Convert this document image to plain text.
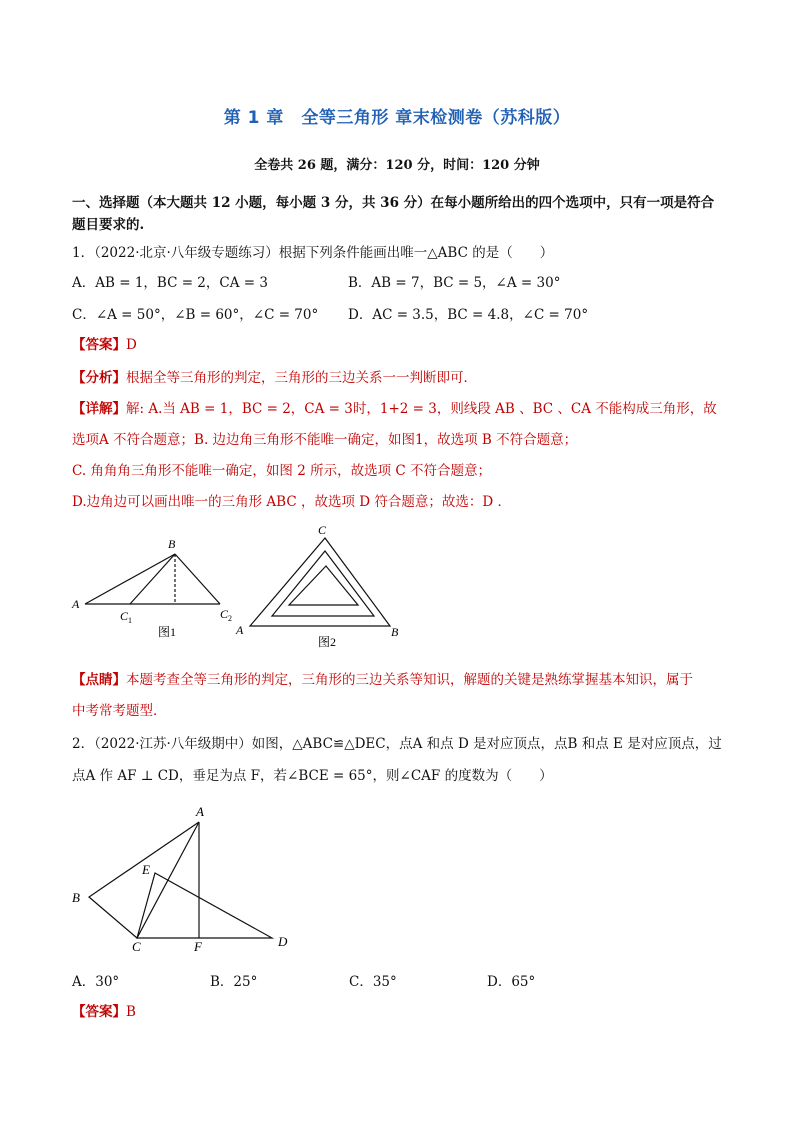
第 1 章　全等三角形 章末检测卷（苏科版）
全卷共 26 题，满分：120 分，时间：120 分钟
一、选择题（本大题共 12 小题，每小题 3 分，共 36 分）在每小题所给出的四个选项中，只有一项是符合
题目要求的.
1．（2022·北京·八年级专题练习）根据下列条件能画出唯一△ABC 的是（　　）
A．AB = 1，BC = 2，CA = 3	B．AB = 7，BC = 5，∠A = 30°
C．∠A = 50°，∠B = 60°，∠C = 70° D．AC = 3.5，BC = 4.8，∠C = 70°
【答案】D
【分析】根据全等三角形的判定，三角形的三边关系一一判断即可．
【详解】解: A.当 AB = 1，BC = 2，CA = 3时，1+2 = 3，则线段 AB 、BC 、CA 不能构成三角形，故
选项A 不符合题意；B. 边边角三角形不能唯一确定，如图1，故选项 B 不符合题意；
C. 角角角三角形不能唯一确定，如图 2 所示，故选项 C 不符合题意；
D.边角边可以画出唯一的三角形 ABC ，故选项 D 符合题意；故选：D ．
B
A
C 1	C 2
图1
C
A	B
图2
【点睛】本题考查全等三角形的判定，三角形的三边关系等知识，解题的关键是熟练掌握基本知识，属于
中考常考题型．
2．（2022·江苏·八年级期中）如图，△ABC≌△DEC，点A 和点 D 是对应顶点，点B 和点 E 是对应顶点，过
点A 作 AF ⊥ CD，垂足为点 F，若∠BCE = 65°，则∠CAF 的度数为（　　）
A
B
C	D
E
F
A．30°	B．25°	C．35°	D．65°
【答案】B
